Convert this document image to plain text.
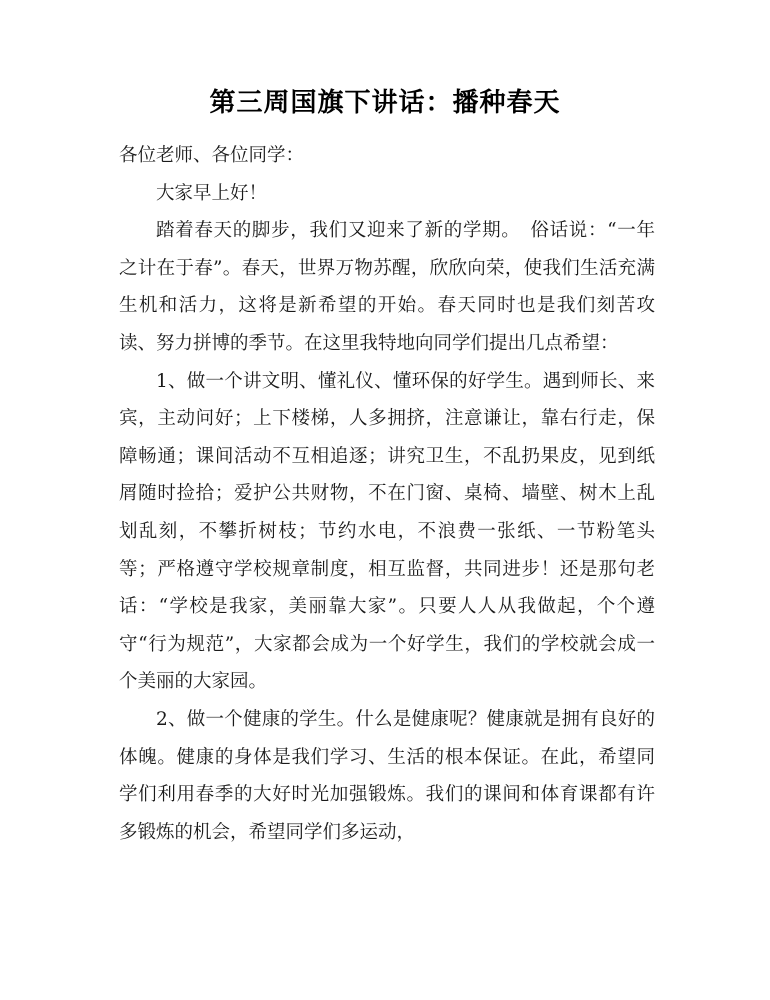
第三周国旗下讲话：播种春天

各位老师、各位同学：

大家早上好！

踏着春天的脚步，我们又迎来了新的学期。　俗话说：“一年之计在于春”。春天，世界万物苏醒，欣欣向荣，使我们生活充满生机和活力，这将是新希望的开始。春天同时也是我们刻苦攻读、努力拼博的季节。在这里我特地向同学们提出几点希望：

1、做一个讲文明、懂礼仪、懂环保的好学生。遇到师长、来宾，主动问好；上下楼梯，人多拥挤，注意谦让，靠右行走，保障畅通；课间活动不互相追逐；讲究卫生，不乱扔果皮，见到纸屑随时捡拾；爱护公共财物，不在门窗、桌椅、墙壁、树木上乱划乱刻，不攀折树枝；节约水电，不浪费一张纸、一节粉笔头等；严格遵守学校规章制度，相互监督，共同进步！还是那句老话：“学校是我家，美丽靠大家”。只要人人从我做起，个个遵守“行为规范”，大家都会成为一个好学生，我们的学校就会成一个美丽的大家园。

2、做一个健康的学生。什么是健康呢？健康就是拥有良好的体魄。健康的身体是我们学习、生活的根本保证。在此，希望同学们利用春季的大好时光加强锻炼。我们的课间和体育课都有许多锻炼的机会，希望同学们多运动，
